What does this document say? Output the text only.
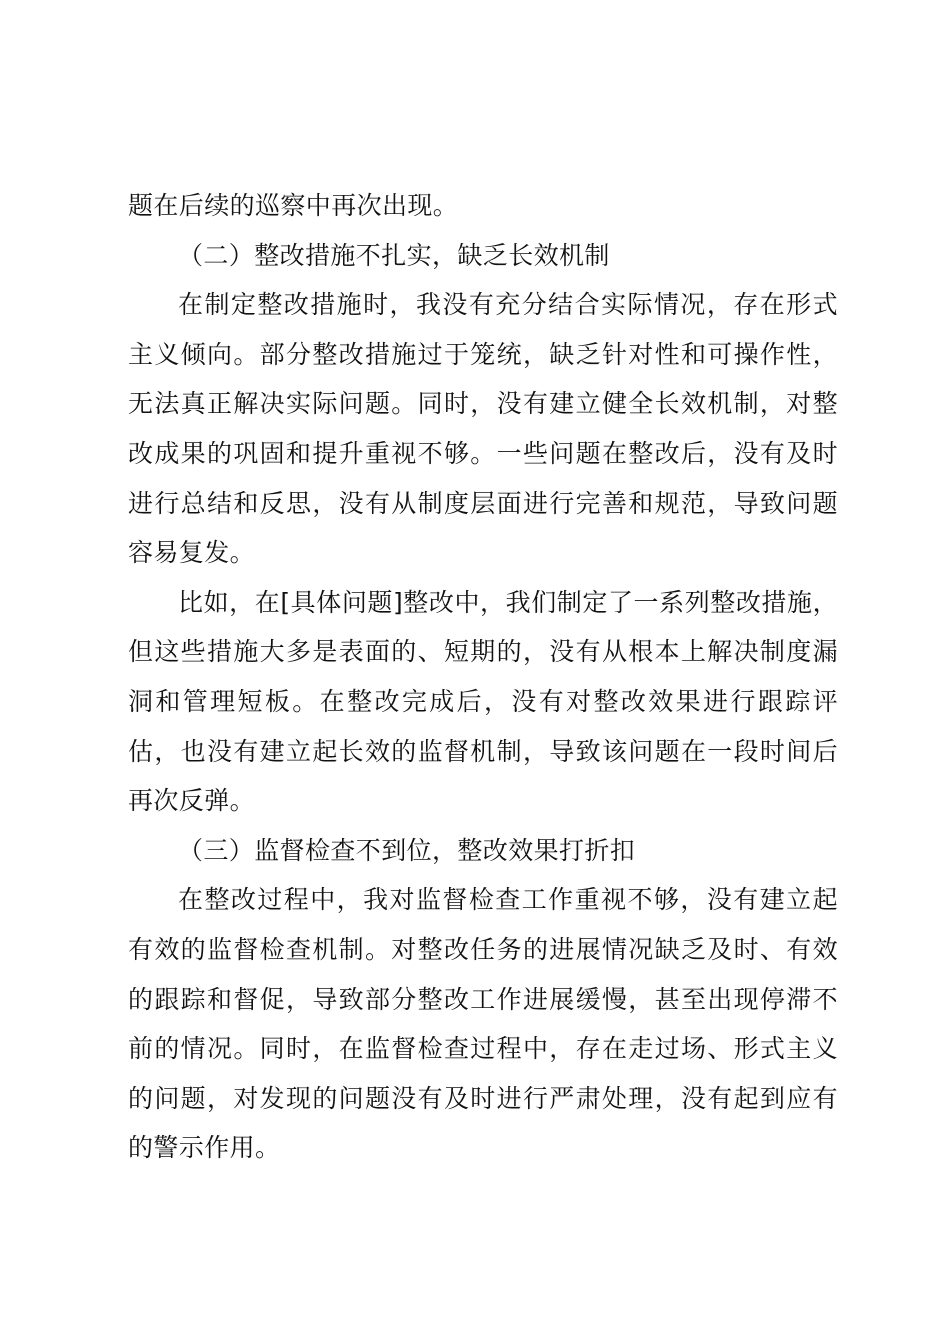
题在后续的巡察中再次出现。

（二）整改措施不扎实，缺乏长效机制

在制定整改措施时，我没有充分结合实际情况，存在形式主义倾向。部分整改措施过于笼统，缺乏针对性和可操作性，无法真正解决实际问题。同时，没有建立健全长效机制，对整改成果的巩固和提升重视不够。一些问题在整改后，没有及时进行总结和反思，没有从制度层面进行完善和规范，导致问题容易复发。

比如，在[具体问题]整改中，我们制定了一系列整改措施，但这些措施大多是表面的、短期的，没有从根本上解决制度漏洞和管理短板。在整改完成后，没有对整改效果进行跟踪评估，也没有建立起长效的监督机制，导致该问题在一段时间后再次反弹。

（三）监督检查不到位，整改效果打折扣

在整改过程中，我对监督检查工作重视不够，没有建立起有效的监督检查机制。对整改任务的进展情况缺乏及时、有效的跟踪和督促，导致部分整改工作进展缓慢，甚至出现停滞不前的情况。同时，在监督检查过程中，存在走过场、形式主义的问题，对发现的问题没有及时进行严肃处理，没有起到应有的警示作用。
